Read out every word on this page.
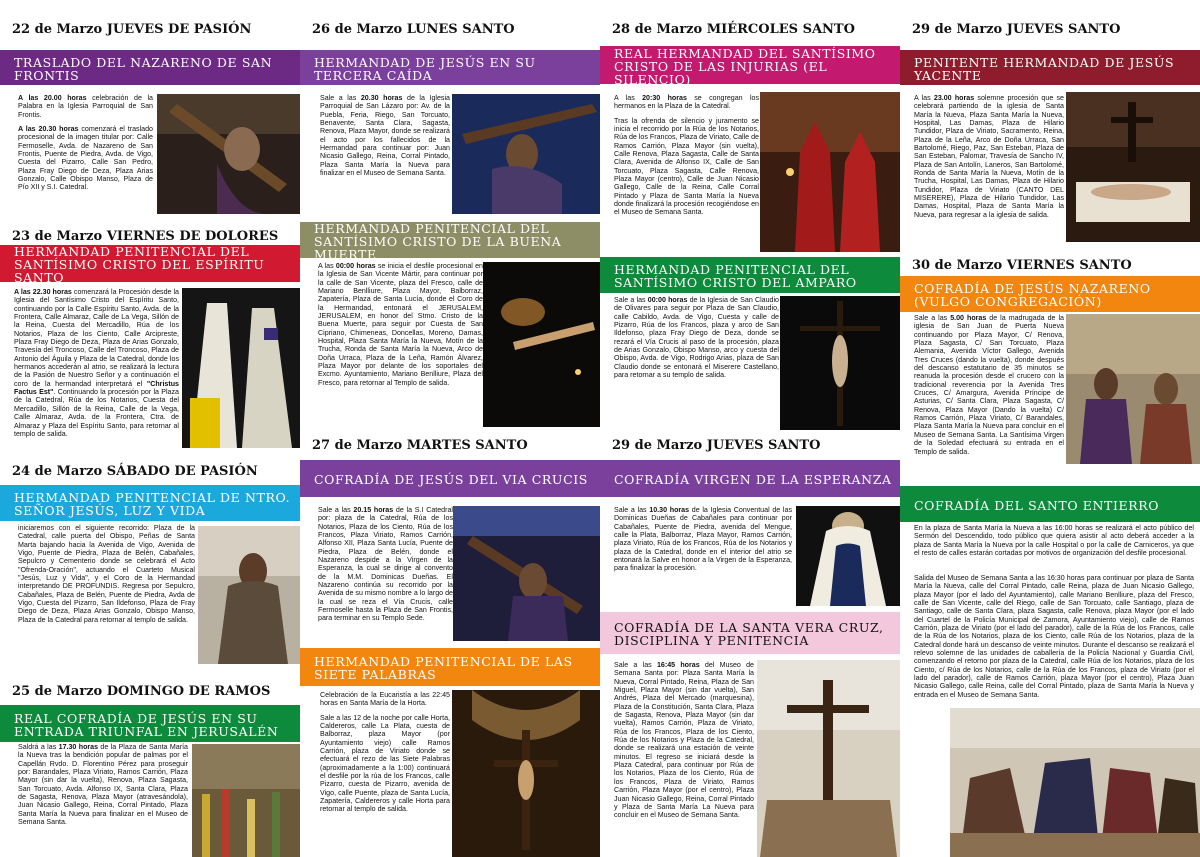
22 de Marzo JUEVES DE PASIÓN
TRASLADO DEL NAZARENO DE SAN FRONTIS

A las 20.00 horas celebración de la Palabra en la Iglesia Parroquial de San Frontis.

A las 20.30 horas comenzará el traslado procesional de la imagen titular por: Calle Fermoselle, Avda. de Nazareno de San Frontis, Puente de Piedra, Avda. de Vigo, Cuesta del Pizarro, Calle San Pedro, Plaza Fray Diego de Deza, Plaza Arias Gonzalo, Calle Obispo Manso, Plaza de Pío XII y S.I. Catedral.

23 de Marzo VIERNES DE DOLORES
HERMANDAD PENITENCIAL DEL SANTÍSIMO CRISTO DEL ESPÍRITU SANTO

A las 22.30 horas comenzará la Procesión desde la Iglesia del Santísimo Cristo del Espíritu Santo, continuando por la Calle Espíritu Santo, Avda. de la Frontera, Calle Almaraz, Calle de La Vega, Sillón de la Reina, Cuesta del Mercadillo, Rúa de los Notarios, Plaza de los Ciento, Calle Arcipreste, Plaza Fray Diego de Deza, Plaza de Arias Gonzalo, Travesía del Troncoso, Calle del Troncoso, Plaza de Antonio del Águila y Plaza de la Catedral, donde los hermanos accederán al atrio, se realizará la lectura de la Pasión de Nuestro Señor y a continuación el coro de la hermandad interpretará el "Christus Factus Est". Continuando la procesión por la Plaza de la Catedral, Rúa de los Notarios, Cuesta del Mercadillo, Sillón de la Reina, Calle de la Vega, Calle Almaraz, Avda. de la Frontera, Ctra. de Almaraz y Plaza del Espíritu Santo, para retornar al templo de salida.

24 de Marzo SÁBADO DE PASIÓN
HERMANDAD PENITENCIAL DE NTRO. SEÑOR JESÚS, LUZ Y VIDA

iniciaremos con el siguiente recorrido: Plaza de la Catedral, calle puerta del Obispo, Peñas de Santa Marta bajando hacia la Avenida de Vigo, Avenida de Vigo, Puente de Piedra, Plaza de Belén, Cabañales, Sepulcro y Cementerio donde se celebrará el Acto "Ofrenda-Oración", actuando el Cuarteto Musical "Jesús, Luz y Vida", y el Coro de la Hermandad interpretando DE PROFUNDIS. Regresa por Sepulcro, Cabañales, Plaza de Belén, Puente de Piedra, Avda de Vigo, Cuesta del Pizarro, San Ildefonso, Plaza de Fray Diego de Deza, Plaza Arias Gonzalo, Obispo Manso, Plaza de la Catedral para retornar al templo de salida.

25 de Marzo DOMINGO DE RAMOS
REAL COFRADÍA DE JESÚS EN SU ENTRADA TRIUNFAL EN JERUSALÉN

Saldrá a las 17.30 horas de la Plaza de Santa María la Nueva tras la bendición popular de palmas por el Capellán Rvdo. D. Florentino Pérez para proseguir por: Barandales, Plaza Viriato, Ramos Carrión, Plaza Mayor (sin dar la vuelta), Renova, Plaza Sagasta, San Torcuato, Avda. Alfonso IX, Santa Clara, Plaza de Sagasta, Renova, Plaza Mayor (atravesándola), Juan Nicasio Gallego, Reina, Corral Pintado, Plaza Santa María la Nueva para finalizar en el Museo de Semana Santa.

26 de Marzo LUNES SANTO
HERMANDAD DE JESÚS EN SU TERCERA CAÍDA

Sale a las 20.30 horas de la Iglesia Parroquial de San Lázaro por: Av. de la Puebla, Feria, Riego, San Torcuato, Benavente, Santa Clara, Sagasta, Renova, Plaza Mayor, donde se realizará el acto por los fallecidos de la Hermandad para continuar por: Juan Nicasio Gallego, Reina, Corral Pintado, Plaza Santa María la Nueva para finalizar en el Museo de Semana Santa.

HERMANDAD PENITENCIAL DEL SANTÍSIMO CRISTO DE LA BUENA MUERTE

A las 00:00 horas se inicia el desfile procesional en la Iglesia de San Vicente Mártir, para continuar por la calle de San Vicente, plaza del Fresco, calle de Mariano Benlliure, Plaza Mayor, Balborraz, Zapatería, Plaza de Santa Lucía, donde el Coro de la Hermandad, entonará el JERUSALEM, JERUSALEM, en honor del Stmo. Cristo de la Buena Muerte, para seguir por Cuesta de San Cipriano, Chimeneas, Doncellas, Moreno, Damas, Hospital, Plaza Santa María la Nueva, Motín de la Trucha, Ronda de Santa María la Nueva, Arco de Doña Urraca, Plaza de la Leña, Ramón Álvarez, Plaza Mayor por delante de los soportales del Excmo. Ayuntamiento, Mariano Benlliure, Plaza del Fresco, para retornar al Templo de salida.

27 de Marzo MARTES SANTO
COFRADÍA DE JESÚS DEL VIA CRUCIS

Sale a las 20.15 horas de la S.I Catedral por: plaza de la Catedral, Rúa de los Notarios, Plaza de los Ciento, Rúa de los Francos, Plaza Viriato, Ramos Carrión, Alfonso XII, Plaza Santa Lucía, Puente de Piedra, Plaza de Belén, donde el Nazareno despide a la Virgen de la Esperanza, la cual se dirige al convento de la M.M. Dominicas Dueñas. El Nazareno continúa su recorrido por la Avenida de su mismo nombre a lo largo de la cual se reza el Vía Crucis, calle Fermoselle hasta la Plaza de San Frontis, para terminar en su Templo Sede.

HERMANDAD PENITENCIAL DE LAS SIETE PALABRAS

Celebración de la Eucaristía a las 22:45 horas en Santa María de la Horta.

Sale a las 12 de la noche por calle Horta, Caldereros, calle La Plata, cuesta de Balborraz, plaza Mayor (por Ayuntamiento viejo) calle Ramos Carrión, plaza de Viriato donde se efectuará el rezo de las Siete Palabras (aproximadamente a la 1:00) continuará el desfile por la rúa de los Francos, calle Pizarro, cuesta de Pizarro, avenida de Vigo, calle Puente, plaza de Santa Lucía, Zapatería, Caldereros y calle Horta para retornar al templo de salida.

28 de Marzo MIÉRCOLES SANTO
REAL HERMANDAD DEL SANTÍSIMO CRISTO DE LAS INJURIAS (EL SILENCIO)

A las 20:30 horas se congregan los hermanos en la Plaza de la Catedral.

Tras la ofrenda de silencio y juramento se inicia el recorrido por la Rúa de los Notarios, Rúa de los Francos, Plaza de Viriato, Calle de Ramos Carrión, Plaza Mayor (sin vuelta), Calle Renova, Plaza Sagasta, Calle de Santa Clara, Avenida de Alfonso IX, Calle de San Torcuato, Plaza Sagasta, Calle Renova, Plaza Mayor (centro), Calle de Juan Nicasio Gallego, Calle de la Reina, Calle Corral Pintado y Plaza de Santa María la Nueva donde finalizará la procesión recogiéndose en el Museo de Semana Santa.

HERMANDAD PENITENCIAL DEL SANTÍSIMO CRISTO DEL AMPARO

Sale a las 00:00 horas de la Iglesia de San Claudio de Olivares para seguir por Plaza de San Claudio, calle Cabildo, Avda. de Vigo, Cuesta y calle de Pizarro, Rúa de los Francos, plaza y arco de San Ildefonso, plaza Fray Diego de Deza, donde se rezará el Vía Crucis al paso de la procesión, plaza de Arias Gonzalo, Obispo Manso, arco y cuesta del Obispo, Avda. de Vigo, Rodrigo Arias, plaza de San Claudio donde se entonará el Miserere Castellano, para retornar a su templo de salida.

29 de Marzo JUEVES SANTO
COFRADÍA VIRGEN DE LA ESPERANZA

Sale a las 10.30 horas de la Iglesia Conventual de las Dominicas Dueñas de Cabañales para continuar por Cabañales, Puente de Piedra, avenida del Mengue, calle la Plata, Balborraz, Plaza Mayor, Ramos Carrión, plaza Viriato, Rúa de los Francos, Rúa de los Notarios y plaza de la Catedral, donde en el interior del atrio se entonará la Salve en honor a la Virgen de la Esperanza, para finalizar la procesión.

COFRADÍA DE LA SANTA VERA CRUZ, DISCIPLINA Y PENITENCIA

Sale a las 16:45 horas del Museo de Semana Santa por: Plaza Santa María la Nueva, Corral Pintado, Reina, Plaza de San Miguel, Plaza Mayor (sin dar vuelta), San Andrés, Plaza del Mercado (marquesina), Plaza de la Constitución, Santa Clara, Plaza de Sagasta, Renova, Plaza Mayor (sin dar vuelta), Ramos Carrión, Plaza de Viriato, Rúa de los Francos, Plaza de los Ciento, Rúa de los Notarios y Plaza de la Catedral, donde se realizará una estación de veinte minutos. El regreso se iniciará desde la Plaza Catedral, para continuar por Rúa de los Notarios, Plaza de los Ciento, Rúa de los Francos, Plaza de Viriato, Ramos Carrión, Plaza Mayor (por el centro), Plaza Juan Nicasio Gallego, Reina, Corral Pintado y Plaza de Santa María La Nueva para concluir en el Museo de Semana Santa.

29 de Marzo JUEVES SANTO
PENITENTE HERMANDAD DE JESÚS YACENTE

A las 23.00 horas solemne procesión que se celebrará partiendo de la iglesia de Santa María la Nueva, Plaza Santa María la Nueva, Hospital, Las Damas, Plaza de Hilario Tundidor, Plaza de Viriato, Sacramento, Reina, Plaza de la Leña, Arco de Doña Urraca, San Bartolomé, Riego, Paz, San Esteban, Plaza de San Esteban, Palomar, Travesía de Sancho IV, Plaza de San Antolín, Laneros, San Bartolomé, Ronda de Santa María la Nueva, Motín de la Trucha, Hospital, Las Damas, Plaza de Hilario Tundidor, Plaza de Viriato (CANTO DEL MISERERE), Plaza de Hilario Tundidor, Las Damas, Hospital, Plaza de Santa María la Nueva, para regresar a la iglesia de salida.

30 de Marzo VIERNES SANTO
COFRADÍA DE JESÚS NAZARENO (VULGO CONGREGACIÓN)

Sale a las 5.00 horas de la madrugada de la iglesia de San Juan de Puerta Nueva continuando por Plaza Mayor, C/ Renova, Plaza Sagasta, C/ San Torcuato, Plaza Alemania, Avenida Víctor Gallego, Avenida Tres Cruces (dando la vuelta), donde después del descanso estatutario de 35 minutos se reanuda la procesión desde el crucero con la tradicional reverencia por la Avenida Tres Cruces, C/ Amargura, Avenida Príncipe de Asturias, C/ Santa Clara, Plaza Sagasta, C/ Renova, Plaza Mayor (Dando la vuelta) C/ Ramos Carrión, Plaza Viriato, C/ Barandales, Plaza Santa María la Nueva para concluir en el Museo de Semana Santa. La Santísima Virgen de la Soledad efectuará su entrada en el Templo de salida.

COFRADÍA DEL SANTO ENTIERRO

En la plaza de Santa María la Nueva a las 16:00 horas se realizará el acto público del Sermón del Descendido, todo público que quiera asistir al acto deberá acceder a la plaza de Santa María la Nueva por la calle Hospital o por la calle de Carniceros, ya que el resto de calles estarán cortadas por motivos de organización del desfile procesional.

Salida del Museo de Semana Santa a las 16:30 horas para continuar por plaza de Santa María la Nueva, calle del Corral Pintado, calle Reina, plaza de Juan Nicasio Gallego, plaza Mayor (por el lado del Ayuntamiento), calle Mariano Benlliure, plaza del Fresco, calle de San Vicente, calle del Riego, calle de San Torcuato, calle Santiago, plaza de Santiago, calle de Santa Clara, plaza Sagasta, calle Renova, plaza Mayor (por el lado del Cuartel de la Policía Municipal de Zamora, Ayuntamiento viejo), calle de Ramos Carrión, plaza de Viriato (por el lado del parador), calle de la Rúa de los Francos, calle de la Rúa de los Notarios, plaza de los Ciento, calle Rúa de los Notarios, plaza de la Catedral donde hará un descanso de veinte minutos. Durante el descanso se realizará el relevo solemne de las unidades de caballería de la Policía Nacional y Guardia Civil, comenzando el retorno por plaza de la Catedral, calle Rúa de los Notarios, plaza de los Ciento, c/ Rúa de los Notarios, calle de la Rúa de los Francos, plaza de Viriato (por el lado del parador), calle de Ramos Carrión, plaza Mayor (por el centro), Plaza Juan Nicasio Gallego, calle Reina, calle del Corral Pintado, plaza de Santa María la Nueva y entrada en el Museo de Semana Santa.
